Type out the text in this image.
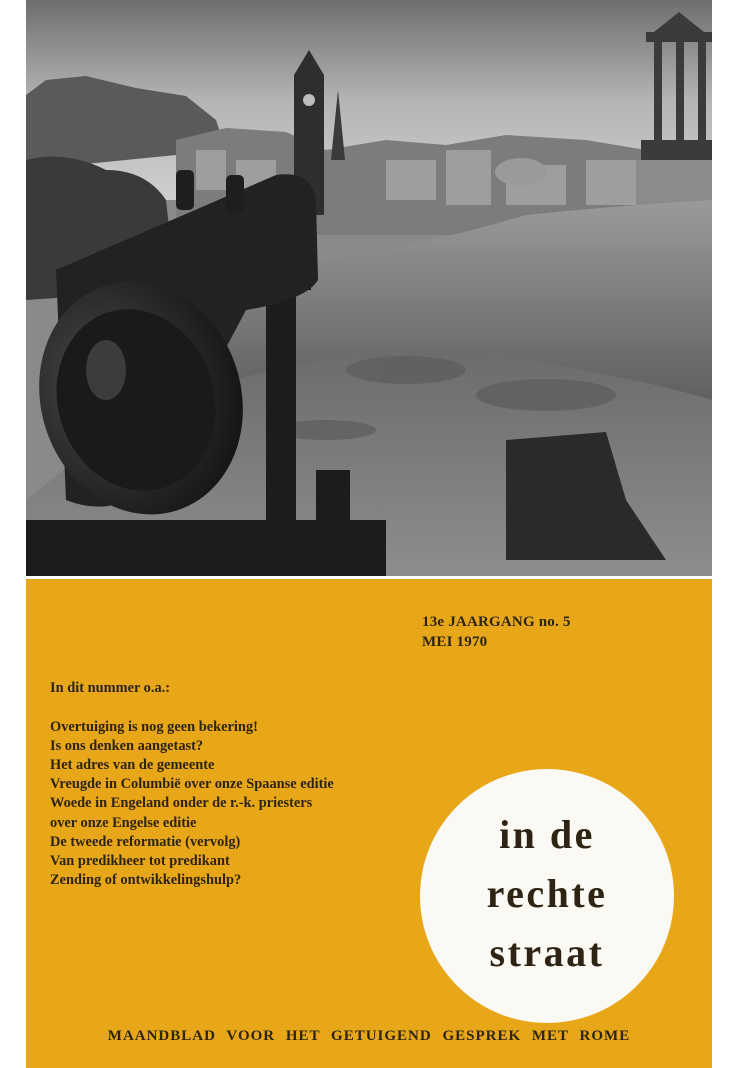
13e JAARGANG no. 5
MEI 1970
In dit nummer o.a.:
Overtuiging is nog geen bekering!
Is ons denken aangetast?
Het adres van de gemeente
Vreugde in Columbië over onze Spaanse editie
Woede in Engeland onder de r.-k. priesters
over onze Engelse editie
De tweede reformatie (vervolg)
Van predikheer tot predikant
Zending of ontwikkelingshulp?
in de
rechte
straat
MAANDBLAD VOOR HET GETUIGEND GESPREK MET ROME
